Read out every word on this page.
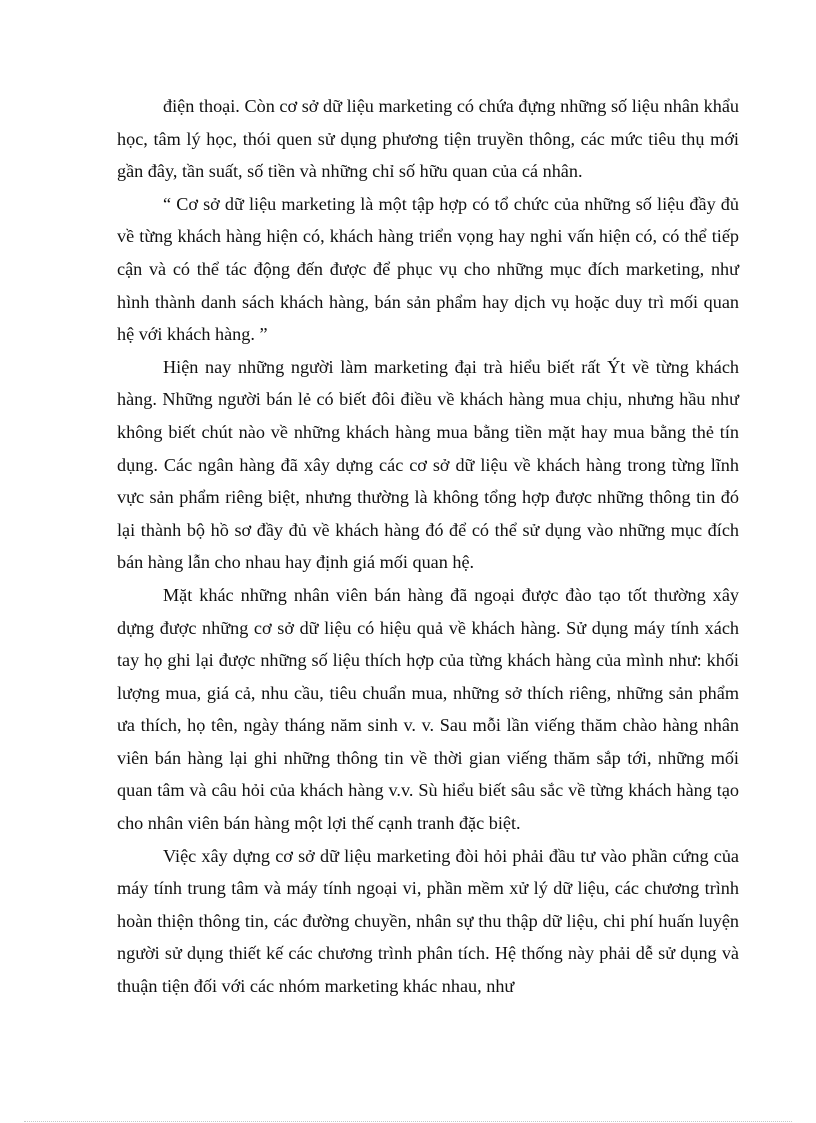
điện thoại. Còn cơ sở dữ liệu marketing có chứa đựng những số liệu nhân khẩu học, tâm lý học, thói quen sử dụng phương tiện truyền thông, các mức tiêu thụ mới gần đây, tần suất, số tiền và những chỉ số hữu quan của cá nhân.

“ Cơ sở dữ liệu marketing là một tập hợp có tổ chức của những số liệu đầy đủ về từng khách hàng hiện có, khách hàng triển vọng hay nghi vấn hiện có, có thể tiếp cận và có thể tác động đến được để phục vụ cho những mục đích marketing, như hình thành danh sách khách hàng, bán sản phẩm hay dịch vụ hoặc duy trì mối quan hệ với khách hàng. ”

Hiện nay những người làm marketing đại trà hiểu biết rất Ýt về từng khách hàng. Những người bán lẻ có biết đôi điều về khách hàng mua chịu, nhưng hầu như không biết chút nào về những khách hàng mua bằng tiền mặt hay mua bằng thẻ tín dụng. Các ngân hàng đã xây dựng các cơ sở dữ liệu về khách hàng trong từng lĩnh vực sản phẩm riêng biệt, nhưng thường là không tổng hợp được những thông tin đó lại thành bộ hồ sơ đầy đủ về khách hàng đó để có thể sử dụng vào những mục đích bán hàng lẫn cho nhau hay định giá mối quan hệ.

Mặt khác những nhân viên bán hàng đã ngoại được đào tạo tốt thường xây dựng được những cơ sở dữ liệu có hiệu quả về khách hàng. Sử dụng máy tính xách tay họ ghi lại được những số liệu thích hợp của từng khách hàng của mình như: khối lượng mua, giá cả, nhu cầu, tiêu chuẩn mua, những sở thích riêng, những sản phẩm ưa thích, họ tên, ngày tháng năm sinh v. v. Sau mỗi lần viếng thăm chào hàng nhân viên bán hàng lại ghi những thông tin về thời gian viếng thăm sắp tới, những mối quan tâm và câu hỏi của khách hàng v.v. Sù hiểu biết sâu sắc về từng khách hàng tạo cho nhân viên bán hàng một lợi thế cạnh tranh đặc biệt.

Việc xây dựng cơ sở dữ liệu marketing đòi hỏi phải đầu tư vào phần cứng của máy tính trung tâm và máy tính ngoại vi, phần mềm xử lý dữ liệu, các chương trình hoàn thiện thông tin, các đường chuyền, nhân sự thu thập dữ liệu, chi phí huấn luyện người sử dụng thiết kế các chương trình phân tích. Hệ thống này phải dễ sử dụng và thuận tiện đối với các nhóm marketing khác nhau, như
